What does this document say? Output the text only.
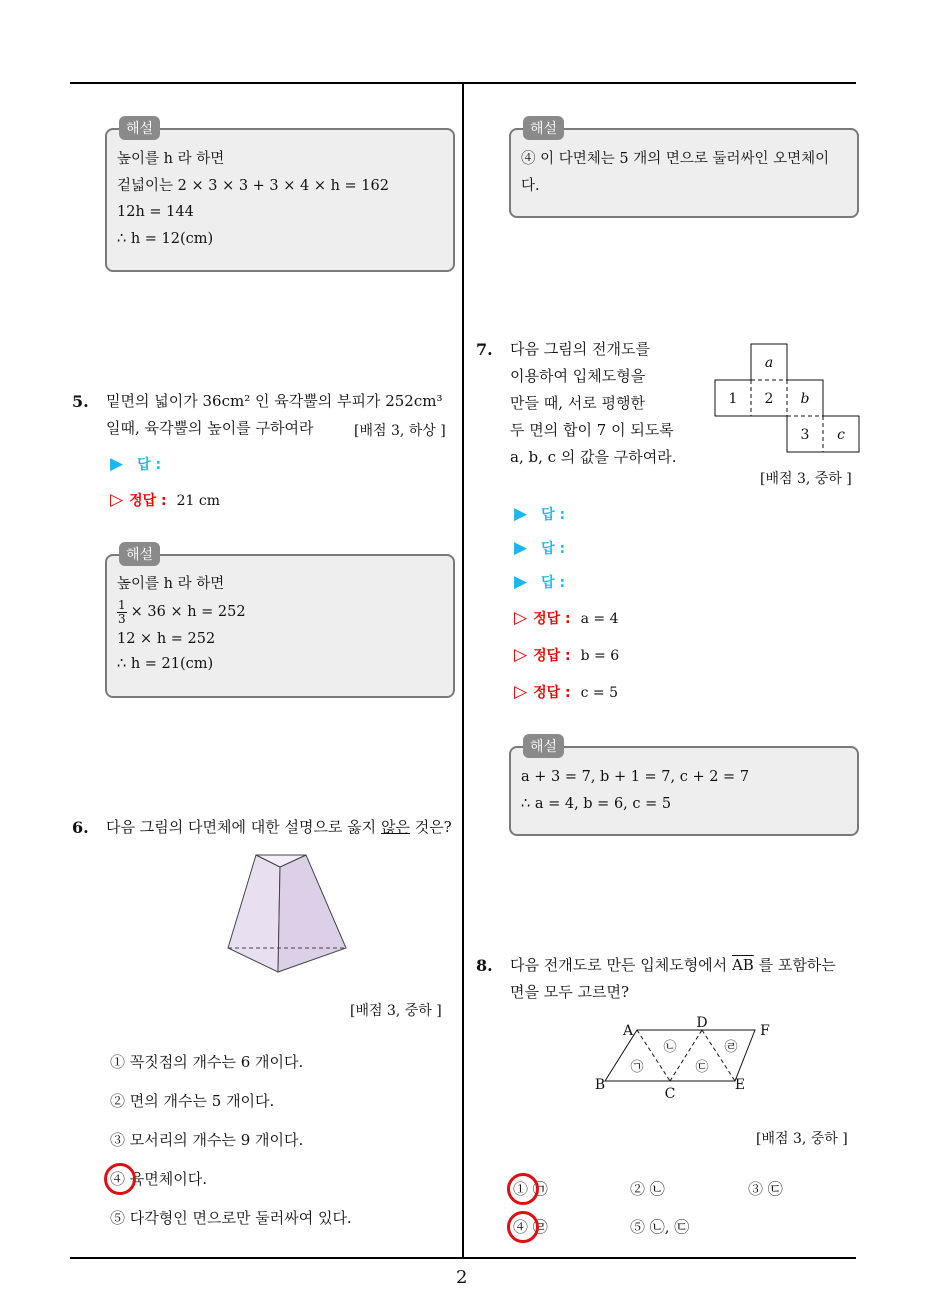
2
해설
높이를 h 라 하면
겉넓이는 2 × 3 × 3 + 3 × 4 × h = 162
12h = 144
∴ h = 12(cm)
5. 밑면의 넓이가 36cm² 인 육각뿔의 부피가 252cm³
일때, 육각뿔의 높이를 구하여라	[배점 3, 하상 ]
▶ 답 :
▷ 정답 : 21 cm
해설
높이를 h 라 하면
$\frac{1}{3} \times 36 \times h = 252$
12 × h = 252
∴ h = 21(cm)
6. 다음 그림의 다면체에 대한 설명으로 옳지 않은 것은?
[배점 3, 중하 ]
① 꼭짓점의 개수는 6 개이다.
② 면의 개수는 5 개이다.
③ 모서리의 개수는 9 개이다.
④ 육면체이다.
⑤ 다각형인 면으로만 둘러싸여 있다.
해설
④ 이 다면체는 5 개의 면으로 둘러싸인 오면체이
다.
7. 다음 그림의 전개도를
이용하여 입체도형을
만들 때, 서로 평행한
두 면의 합이 7 이 되도록
a, b, c 의 값을 구하여라.
a
1 2 b
3 c
[배점 3, 중하 ]
▶ 답 :
▶ 답 :
▶ 답 :
▷ 정답 : a = 4
▷ 정답 : b = 6
▷ 정답 : c = 5
해설
a + 3 = 7, b + 1 = 7, c + 2 = 7
∴ a = 4, b = 6, c = 5
8. 다음 전개도로 만든 입체도형에서 $\overline{AB}$ 를 포함하는
면을 모두 고르면?
A	D	F
B
C
E
㉠
㉡
㉢
㉣
[배점 3, 중하 ]
① ㉠	② ㉡	③ ㉢
④ ㉣	⑤ ㉡, ㉢
